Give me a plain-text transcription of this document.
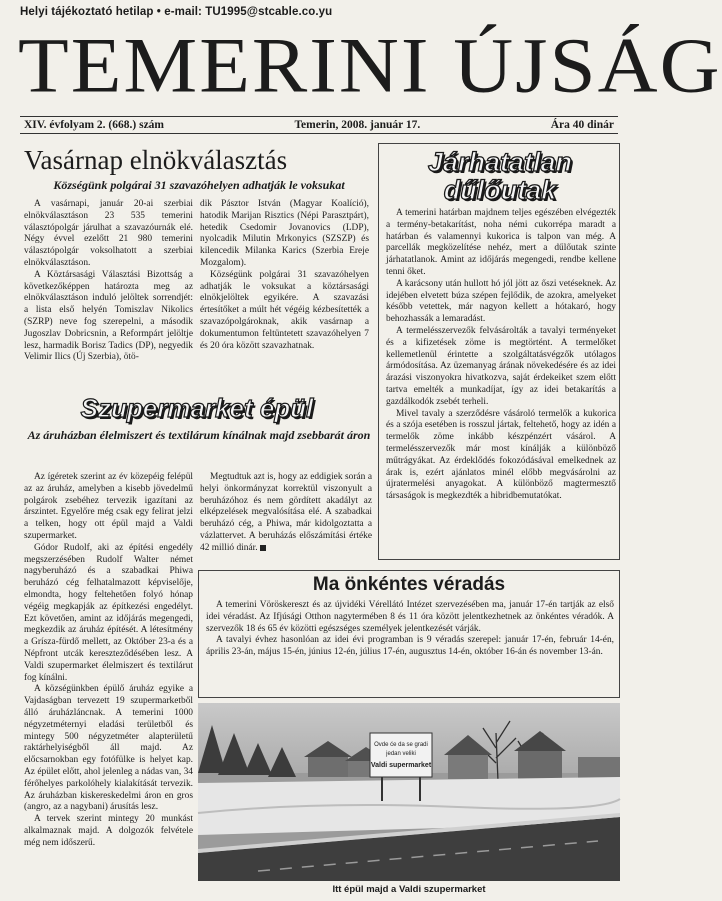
Helyi tájékoztató hetilap • e-mail: TU1995@stcable.co.yu
TEMERINI ÚJSÁG
XIV. évfolyam 2. (668.) szám	Temerin, 2008. január 17.	Ára 40 dinár
Vasárnap elnökválasztás
Községünk polgárai 31 szavazóhelyen adhatják le voksukat

A vasárnapi, január 20-ai szerbiai elnökválasztáson 23 535 temerini választópolgár járulhat a szavazóurnák elé. Négy évvel ezelőtt 21 980 temerini választópolgár voksolhatott a szerbiai elnökválasztáson.

A Köztársasági Választási Bizottság a következőképpen határozta meg az elnökválasztáson induló jelöltek sorrendjét: a lista első helyén Tomiszlav Nikolics (SZRP) neve fog szerepelni, a második Jugoszlav Dobricsnin, a Reformpárt jelöltje lesz, harmadik Borisz Tadics (DP), negyedik Velimir Ilics (Új Szerbia), ötö-

dik Pásztor István (Magyar Koalíció), hatodik Marijan Risztics (Népi Parasztpárt), hetedik Csedomir Jovanovics (LDP), nyolcadik Milutin Mrkonyics (SZSZP) és kilencedik Milanka Karics (Szerbia Ereje Mozgalom).

Községünk polgárai 31 szavazóhelyen adhatják le voksukat a köztársasági elnökjelöltek egyikére. A szavazási értesítőket a múlt hét végéig kézbesítették a szavazópolgároknak, akik vasárnap a dokumentumon feltüntetett szavazóhelyen 7 és 20 óra között szavazhatnak.

Járhatatlan
dűlőutak

A temerini határban majdnem teljes egészében elvégezték a termény-betakarítást, noha némi cukorrépa maradt a határban és valamennyi kukorica is talpon van még. A parcellák megközelítése nehéz, mert a dűlőutak szinte járhatatlanok. Amint az időjárás megengedi, rendbe kellene tenni őket.

A karácsony után hullott hó jól jött az őszi vetéseknek. Az idejében elvetett búza szépen fejlődik, de azokra, amelyeket később vetettek, már nagyon kellett a hótakaró, hogy behozhassák a lemaradást.

A termelésszervezők felvásárolták a tavalyi terményeket és a kifizetések zöme is megtörtént. A termelőket kellemetlenül érintette a szolgáltatásvégzők utólagos ármódosítása. Az üzemanyag árának növekedésére és az idei árazási viszonyokra hivatkozva, saját érdekeiket szem előtt tartva emelték a munkadíjat, így az idei betakarítás a gazdálkodók zsebét terheli.

Mivel tavaly a szerződésre vásároló termelők a kukorica és a szója esetében is rosszul jártak, feltehető, hogy az idén a termelők zöme inkább készpénzért vásárol. A termelésszervezők már most kínálják a különböző műtrágyákat. Az érdeklődés fokozódásával emelkednek az árak is, ezért ajánlatos minél előbb megvásárolni az újratermelési anyagokat. A különböző magtermesztő társaságok is megkezdték a hibridbemutatókat.

Szupermarket épül
Az áruházban élelmiszert és textiláruт kínálnak majd zsebbarát áron

Az ígéretek szerint az év közepéig felépül az az áruház, amelyben a kisebb jövedelmű polgárok zsebéhez tervezik igazítani az árszintet. Egyelőre még csak egy felirat jelzi a telken, hogy ott épül majd a Valdi szupermarket.

Gódor Rudolf, aki az építési engedély megszerzésében Rudolf Walter német nagyberuházó és a szabadkai Phiwa beruházó cég felhatalmazott képviselője, elmondta, hogy feltehetően folyó hónap végéig megkapják az építkezési engedélyt. Ezt követően, amint az időjárás megengedi, megkezdik az áruház építését. A létesítmény a Grísza-fürdő mellett, az Október 23-a és a Népfront utcák kereszteződésében lesz. A Valdi szupermarket élelmiszert és textilárut fog kínálni.

A községünkben épülő áruház egyike a Vajdaságban tervezett 19 szupermarketből álló áruházláncnak. A temerini 1000 négyzetméternyi eladási területből és mintegy 500 négyzetméter alapterületű raktárhelyiségből áll majd. Az előcsarnokban egy fotófülke is helyet kap. Az épület előtt, ahol jelenleg a nádas van, 34 férőhelyes parkolóhely kialakítását tervezik. Az áruházban kiskereskedelmi áron en gros (angro, az a nagybani) árusítás lesz.

A tervek szerint mintegy 20 munkást alkalmaznak majd. A dolgozók felvétele még nem időszerű.

Megtudtuk azt is, hogy az eddigiek során a helyi önkormányzat korrektül viszonyult a beruházóhoz és nem gördített akadályt az elképzelések megvalósítása elé. A szabadkai beruházó cég, a Phiwa, már kidolgoztatta a vázlattervet. A beruházás előszámítási értéke 42 millió dinár.

Ma önkéntes véradás

A temerini Vöröskereszt és az újvidéki Vérellátó Intézet szervezésében ma, január 17-én tartják az első idei véradást. Az Ifjúsági Otthon nagytermében 8 és 11 óra között jelentkezhetnek az önkéntes véradók. A szervezők 18 és 65 év közötti egészséges személyek jelentkezését várják.

A tavalyi évhez hasonlóan az idei évi programban is 9 véradás szerepel: január 17-én, február 14-én, április 23-án, május 15-én, június 12-én, július 17-én, augusztus 14-én, október 16-án és november 13-án.

Ovde će da se gradi
jedan veliki
Valdi supermarket
Itt épül majd a Valdi szupermarket
